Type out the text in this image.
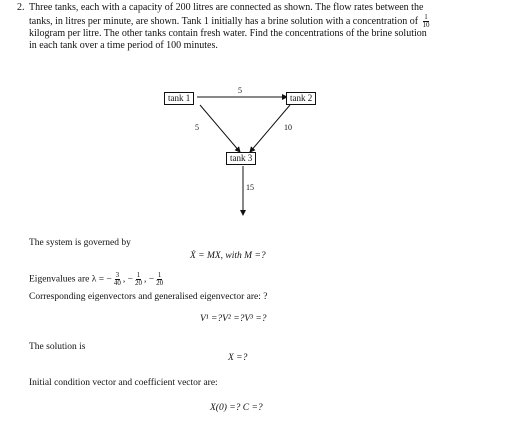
2. Three tanks, each with a capacity of 200 litres are connected as shown. The flow rates between the
tanks, in litres per minute, are shown. Tank 1 initially has a brine solution with a concentration of $\frac{1}{10}$
kilogram per litre. The other tanks contain fresh water. Find the concentrations of the brine solution
in each tank over a time period of 100 minutes.
tank 1	tank 2
tank 3
5
5	10
15
The system is governed by
Ẋ = MX, with M =?
Eigenvalues are λ = − $\frac{3}{40}$ , − $\frac{1}{20}$ , − $\frac{1}{20}$
Corresponding eigenvectors and generalised eigenvector are: ?
V¹ =?V² =?V³ =?
The solution is
X =?
Initial condition vector and coefficient vector are:
X(0) =? C =?
